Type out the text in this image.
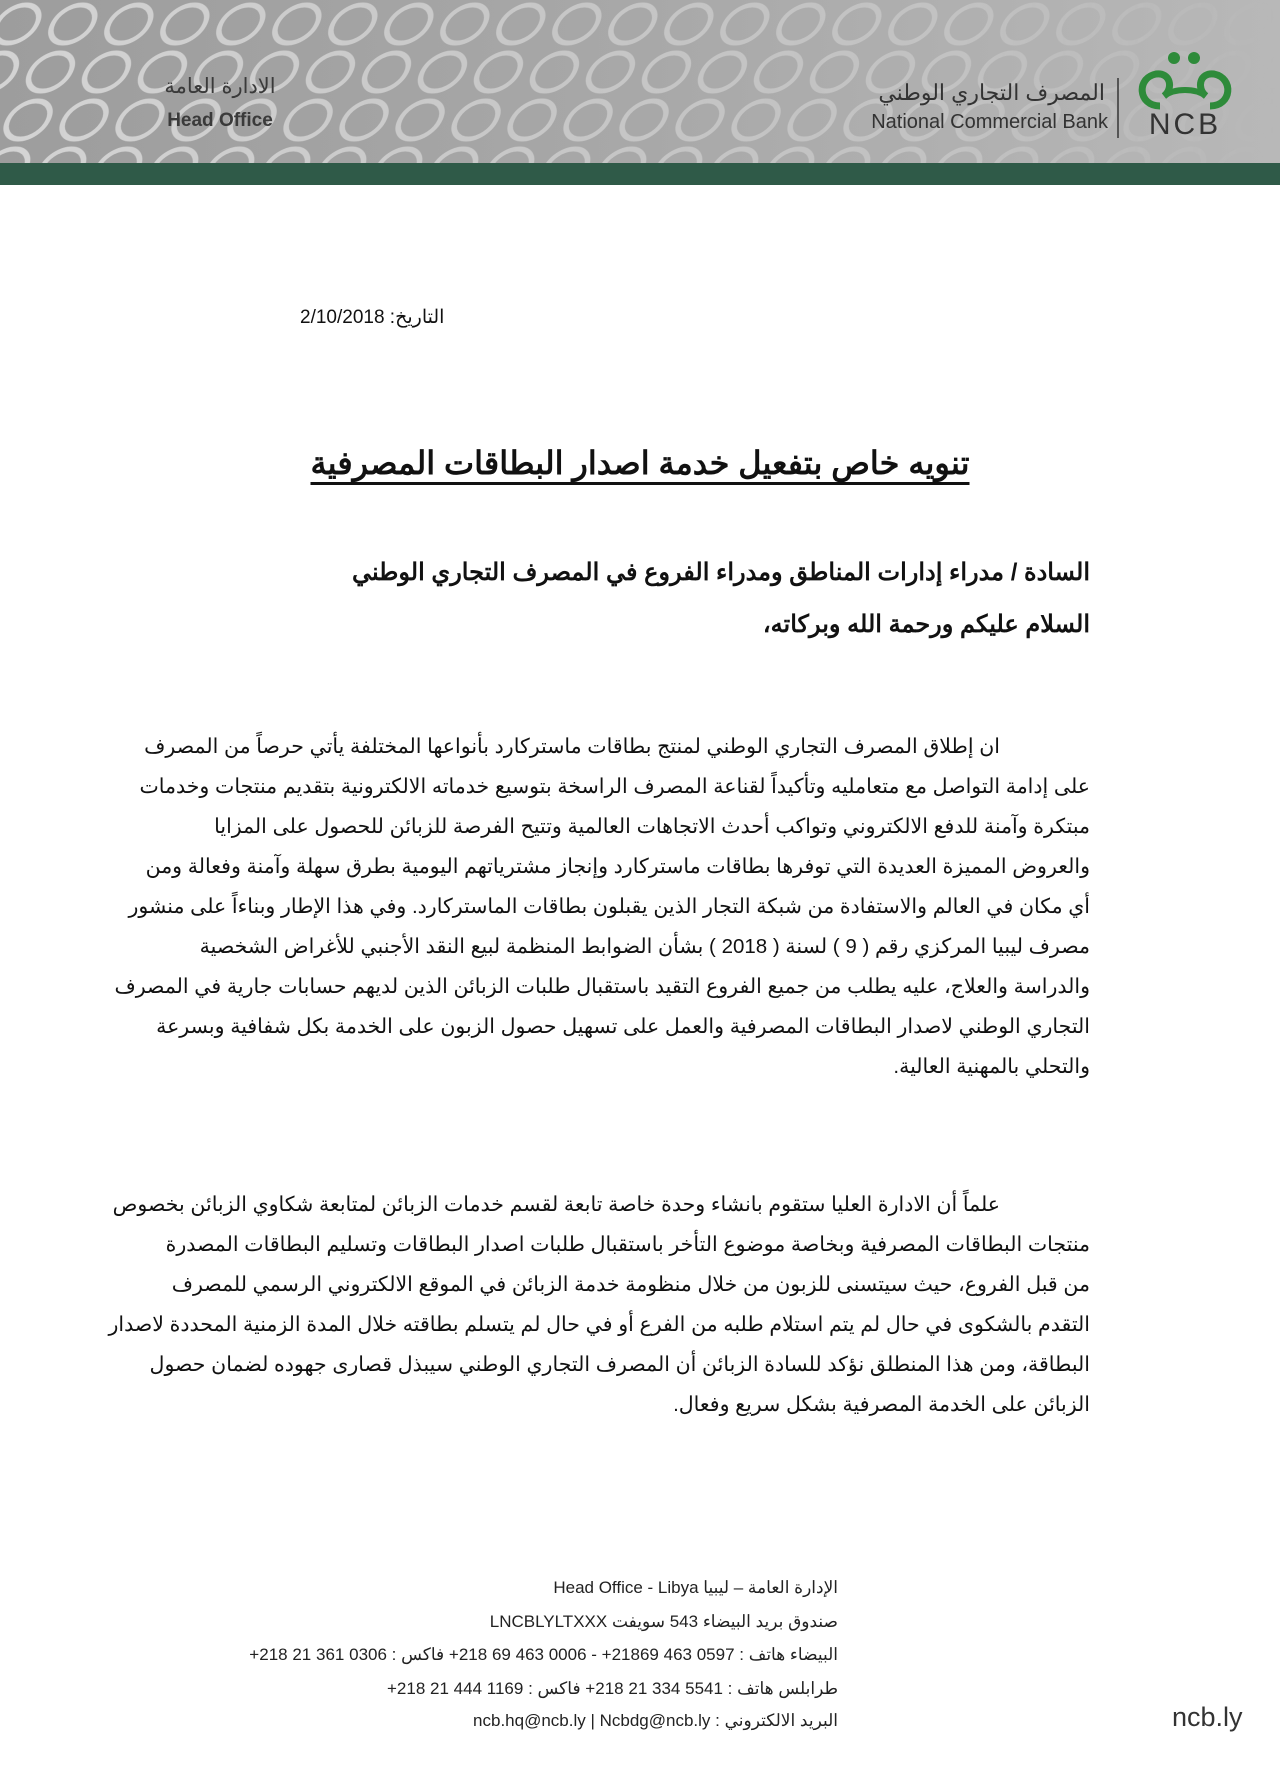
الادارة العامة
Head Office
المصرف التجاري الوطني
National Commercial Bank	NCB
التاريخ: 2/10/2018
تنويه خاص بتفعيل خدمة اصدار البطاقات المصرفية
السادة / مدراء إدارات المناطق ومدراء الفروع في المصرف التجاري الوطني
السلام عليكم ورحمة الله وبركاته،
ان إطلاق المصرف التجاري الوطني لمنتج بطاقات ماستركارد بأنواعها المختلفة يأتي حرصاً من المصرف
على إدامة التواصل مع متعامليه وتأكيداً لقناعة المصرف الراسخة بتوسيع خدماته الالكترونية بتقديم منتجات وخدمات
مبتكرة وآمنة للدفع الالكتروني وتواكب أحدث الاتجاهات العالمية وتتيح الفرصة للزبائن للحصول على المزايا
والعروض المميزة العديدة التي توفرها بطاقات ماستركارد وإنجاز مشترياتهم اليومية بطرق سهلة وآمنة وفعالة ومن
أي مكان في العالم والاستفادة من شبكة التجار الذين يقبلون بطاقات الماستركارد. وفي هذا الإطار وبناءاً على منشور
مصرف ليبيا المركزي رقم ( 9 ) لسنة ( 2018 ) بشأن الضوابط المنظمة لبيع النقد الأجنبي للأغراض الشخصية
والدراسة والعلاج، عليه يطلب من جميع الفروع التقيد باستقبال طلبات الزبائن الذين لديهم حسابات جارية في المصرف
التجاري الوطني لاصدار البطاقات المصرفية والعمل على تسهيل حصول الزبون على الخدمة بكل شفافية وبسرعة
والتحلي بالمهنية العالية.
علماً أن الادارة العليا ستقوم بانشاء وحدة خاصة تابعة لقسم خدمات الزبائن لمتابعة شكاوي الزبائن بخصوص
منتجات البطاقات المصرفية وبخاصة موضوع التأخر باستقبال طلبات اصدار البطاقات وتسليم البطاقات المصدرة
من قبل الفروع، حيث سيتسنى للزبون من خلال منظومة خدمة الزبائن في الموقع الالكتروني الرسمي للمصرف
التقدم بالشكوى في حال لم يتم استلام طلبه من الفرع أو في حال لم يتسلم بطاقته خلال المدة الزمنية المحددة لاصدار
البطاقة، ومن هذا المنطلق نؤكد للسادة الزبائن أن المصرف التجاري الوطني سيبذل قصارى جهوده لضمان حصول
الزبائن على الخدمة المصرفية بشكل سريع وفعال.
الإدارة العامة – ليبيا Head Office - Libya
صندوق بريد البيضاء 543 سويفت LNCBLYLTXXX
البيضاء هاتف : 0597 463 21869+ - 0006 463 69 218+ فاكس : 0306 361 21 218+
طرابلس هاتف : 5541 334 21 218+ فاكس : 1169 444 21 218+
البريد الالكتروني : ncb.hq@ncb.ly | Ncbdg@ncb.ly	ncb.ly
